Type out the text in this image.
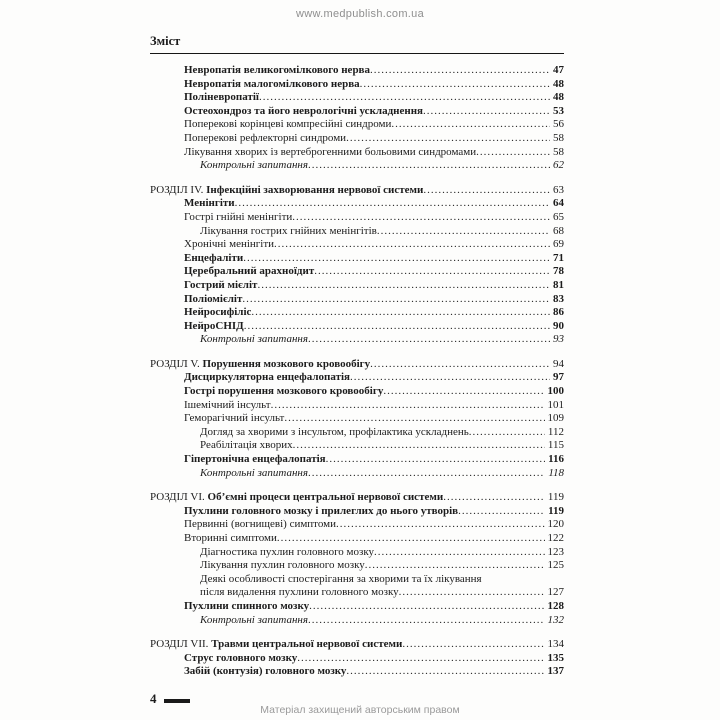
www.medpublish.com.ua
Зміст
Невропатія великогомілкового нерва .....	47
Невропатія малогомілкового нерва .....	48
Поліневропатії .....	48
Остеохондроз та його неврологічні ускладнення .....	53
Поперекові корінцеві компресійні синдроми .....	56
Поперекові рефлекторні синдроми .....	58
Лікування хворих із вертеброгенними больовими синдромами .....	58
Контрольні запитання .....	62
РОЗДІЛ IV. Інфекційні захворювання нервової системи .....	63
Менінгіти .....	64
Гострі гнійні менінгіти .....	65
Лікування гострих гнійних менінгітів .....	68
Хронічні менінгіти .....	69
Енцефаліти .....	71
Церебральний арахноїдит .....	78
Гострий мієліт .....	81
Поліомієліт .....	83
Нейросифіліс .....	86
НейроСНІД .....	90
Контрольні запитання .....	93
РОЗДІЛ V. Порушення мозкового кровообігу .....	94
Дисциркуляторна енцефалопатія .....	97
Гострі порушення мозкового кровообігу .....	100
Ішемічний інсульт .....	101
Геморагічний інсульт .....	109
Догляд за хворими з інсультом, профілактика ускладнень .....	112
Реабілітація хворих .....	115
Гіпертонічна енцефалопатія .....	116
Контрольні запитання .....	118
РОЗДІЛ VI. Об’ємні процеси центральної нервової системи .....	119
Пухлини головного мозку і прилеглих до нього утворів .....	119
Первинні (вогнищеві) симптоми .....	120
Вторинні симптоми .....	122
Діагностика пухлин головного мозку .....	123
Лікування пухлин головного мозку .....	125
Деякі особливості спостерігання за хворими та їх лікування
після видалення пухлини головного мозку .....	127
Пухлини спинного мозку .....	128
Контрольні запитання .....	132
РОЗДІЛ VII. Травми центральної нервової системи .....	134
Струс головного мозку .....	135
Забій (контузія) головного мозку .....	137
4
Матеріал захищений авторським правом
